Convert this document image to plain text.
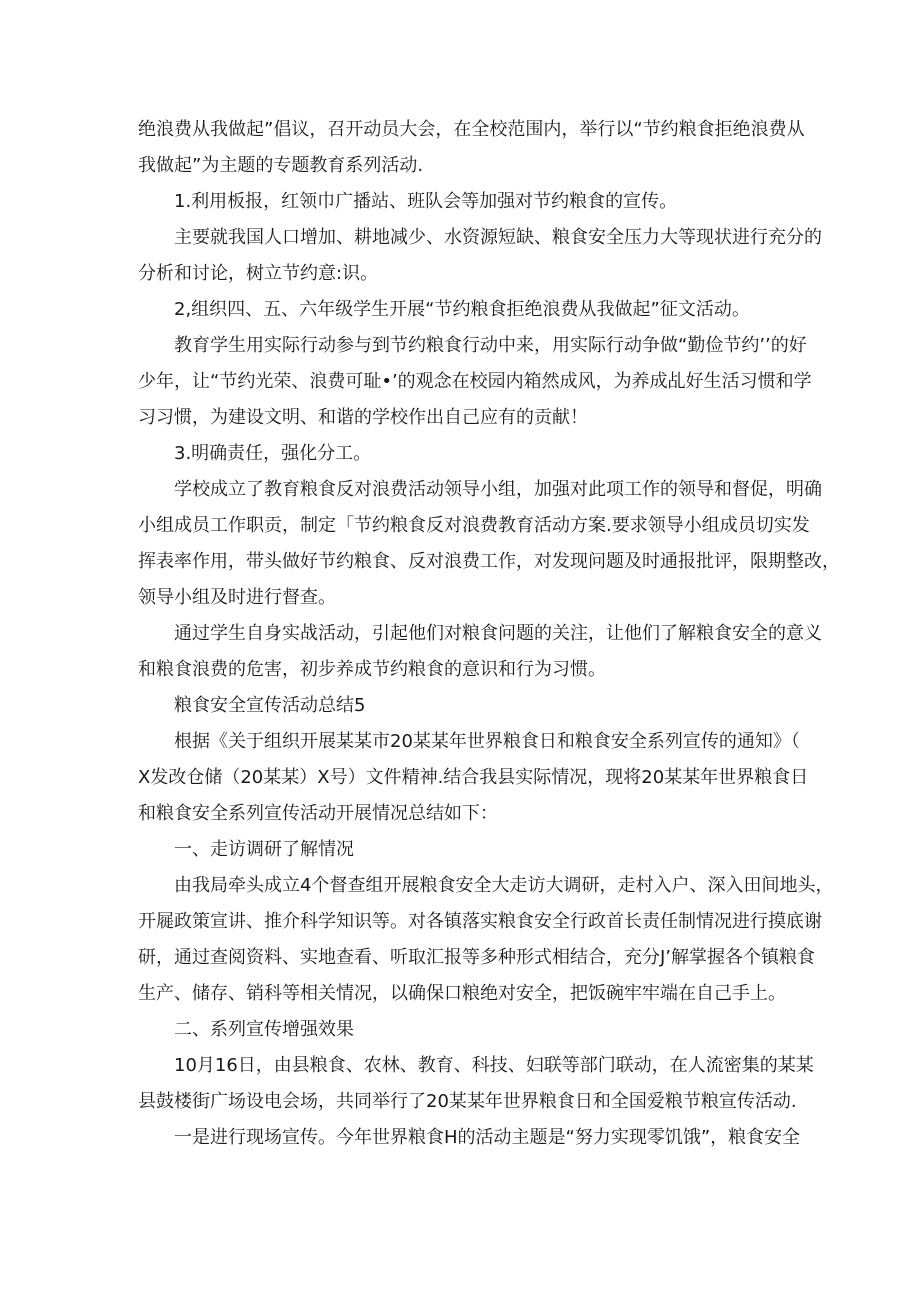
绝浪费从我做起”倡议，召开动员大会，在全校范围内，举行以“节约粮食拒绝浪费从
我做起”为主题的专题教育系列活动.
1.利用板报，红领巾广播站、班队会等加强对节约粮食的宣传。
主要就我国人口增加、耕地减少、水资源短缺、粮食安全压力大等现状进行充分的
分析和讨论，树立节约意:识。
2,组织四、五、六年级学生开展“节约粮食拒绝浪费从我做起”征文活动。
教育学生用实际行动参与到节约粮食行动中来，用实际行动争做“勤俭节约’’的好
少年，让“节约光荣、浪费可耻•’的观念在校园内箱然成风，为养成乩好生活习惯和学
习习惯，为建设文明、和谐的学校作出自己应有的贡献！
3.明确责任，强化分工。
学校成立了教育粮食反对浪费活动领导小组，加强对此项工作的领导和督促，明确
小组成员工作职贡，制定「节约粮食反对浪费教育活动方案.要求领导小组成员切实发
挥表率作用，带头做好节约粮食、反对浪费工作，对发现问题及时通报批评，限期整改，
领导小组及时进行督查。
通过学生自身实战活动，引起他们对粮食问题的关注，让他们了解粮食安全的意义
和粮食浪费的危害，初步养成节约粮食的意识和行为习惯。
粮食安全宣传活动总结5
根据《关于组织开展某某市20某某年世界粮食日和粮食安全系列宣传的通知》（
X发改仓储（20某某）X号）文件精神.结合我县实际情况，现将20某某年世界粮食日
和粮食安全系列宣传活动开展情况总结如下：
一、走访调研了解情况
由我局牵头成立4个督查组开展粮食安全大走访大调研，走村入户、深入田间地头，
开屣政策宣讲、推介科学知识等。对各镇落实粮食安全行政首长责任制情况进行摸底谢
研，通过查阅资料、实地查看、听取汇报等多种形式相结合，充分J’解掌握各个镇粮食
生产、储存、销科等相关情况，以确保口粮绝对安全，把饭碗牢牢端在自己手上。
二、系列宣传增强效果
10月16日，由县粮食、农林、教育、科技、妇联等部门联动，在人流密集的某某
县鼓楼街广场设电会场，共同举行了20某某年世界粮食日和全国爱粮节粮宣传活动.
一是进行现场宣传。今年世界粮食H的活动主题是“努力实现零饥饿”，粮食安全
